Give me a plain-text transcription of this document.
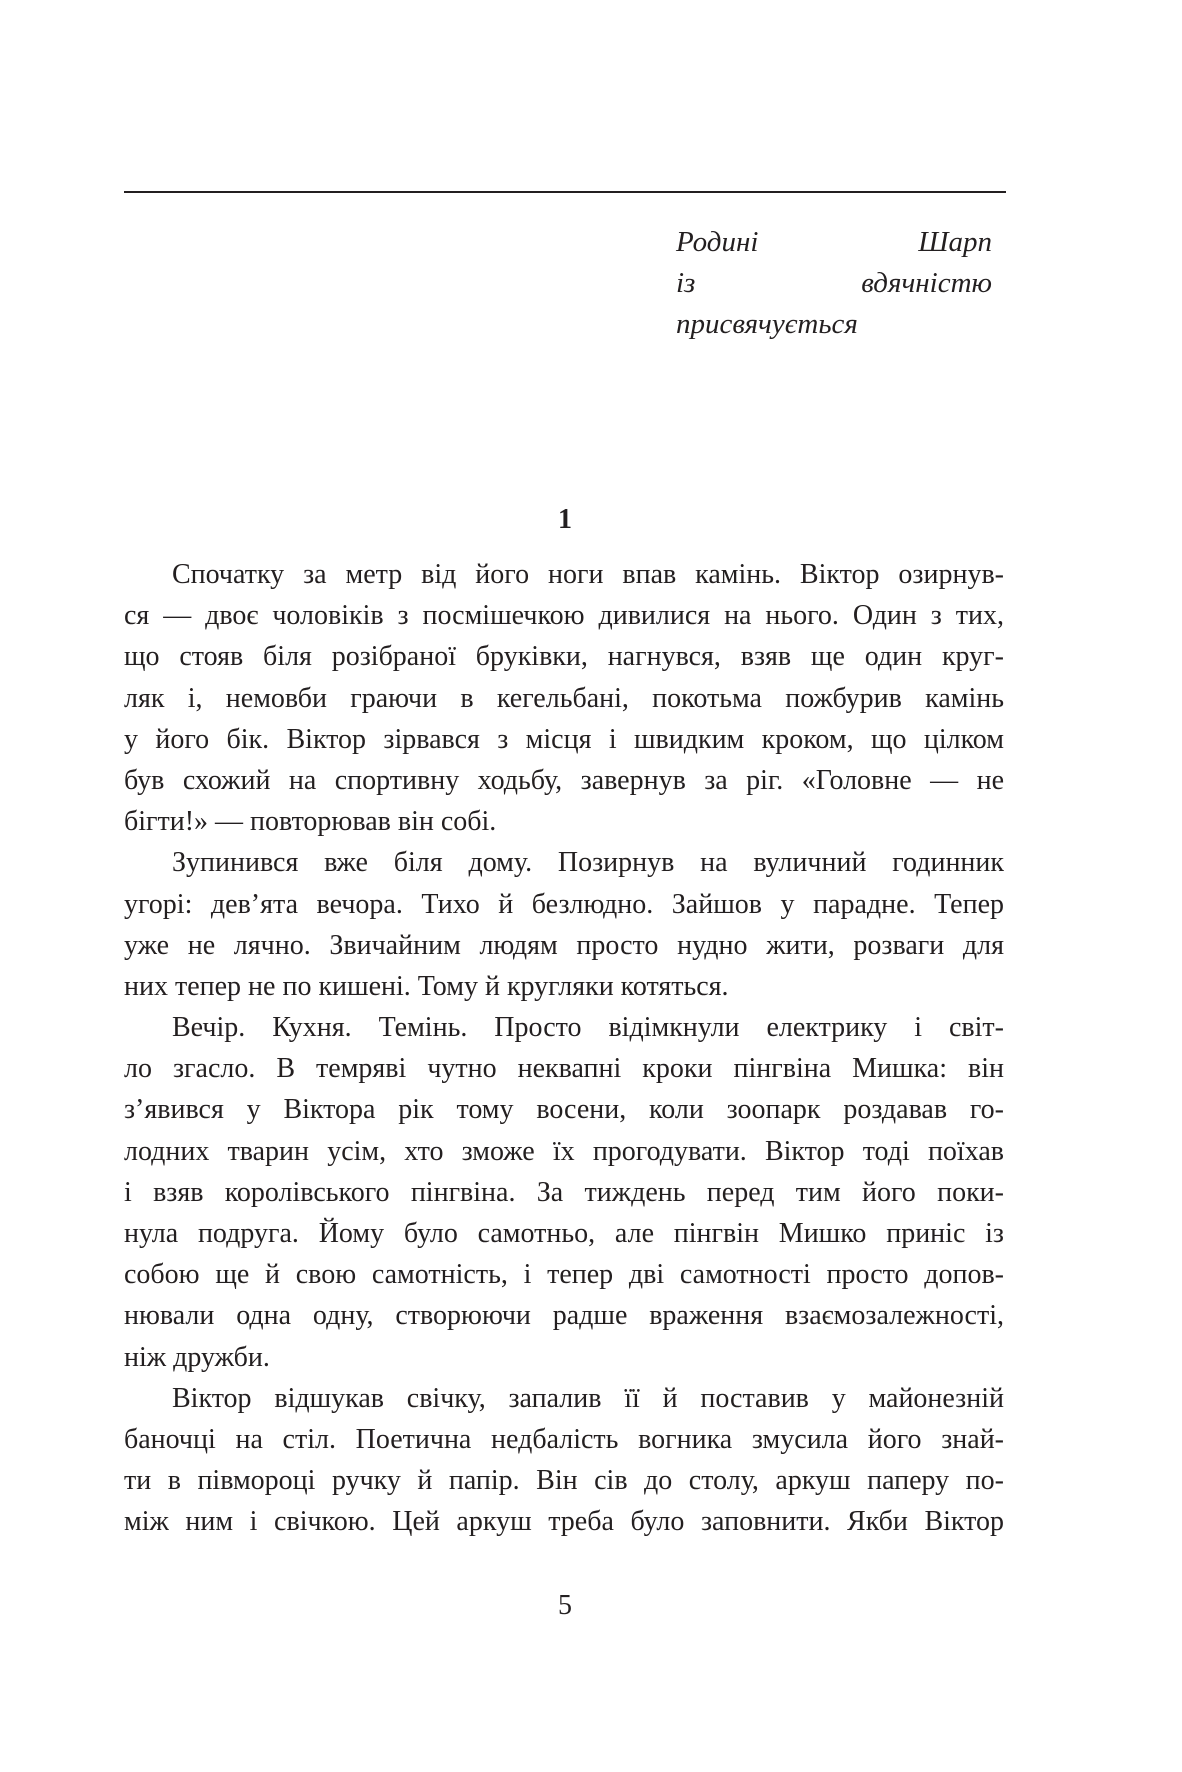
Родині Шарп
із вдячністю
присвячується
1
Спочатку за метр від його ноги впав камінь. Віктор озирнув-
ся — двоє чоловіків з посмішечкою дивилися на нього. Один з тих,
що стояв біля розібраної бруківки, нагнувся, взяв ще один круг-
ляк і, немовби граючи в кегельбані, покотьма пожбурив камінь
у його бік. Віктор зірвався з місця і швидким кроком, що цілком
був схожий на спортивну ходьбу, завернув за ріг. «Головне — не
бігти!» — повторював він собі.
Зупинився вже біля дому. Позирнув на вуличний годинник
угорі: дев’ята вечора. Тихо й безлюдно. Зайшов у парадне. Тепер
уже не лячно. Звичайним людям просто нудно жити, розваги для
них тепер не по кишені. Тому й кругляки котяться.
Вечір. Кухня. Темінь. Просто відімкнули електрику і світ-
ло згасло. В темряві чутно неквапні кроки пінгвіна Мишка: він
з’явився у Віктора рік тому восени, коли зоопарк роздавав го-
лодних тварин усім, хто зможе їх прогодувати. Віктор тоді поїхав
і взяв королівського пінгвіна. За тиждень перед тим його поки-
нула подруга. Йому було самотньо, але пінгвін Мишко приніс із
собою ще й свою самотність, і тепер дві самотності просто допов-
нювали одна одну, створюючи радше враження взаємозалежності,
ніж дружби.
Віктор відшукав свічку, запалив її й поставив у майонезній
баночці на стіл. Поетична недбалість вогника змусила його знай-
ти в півмороці ручку й папір. Він сів до столу, аркуш паперу по-
між ним і свічкою. Цей аркуш треба було заповнити. Якби Віктор
5
